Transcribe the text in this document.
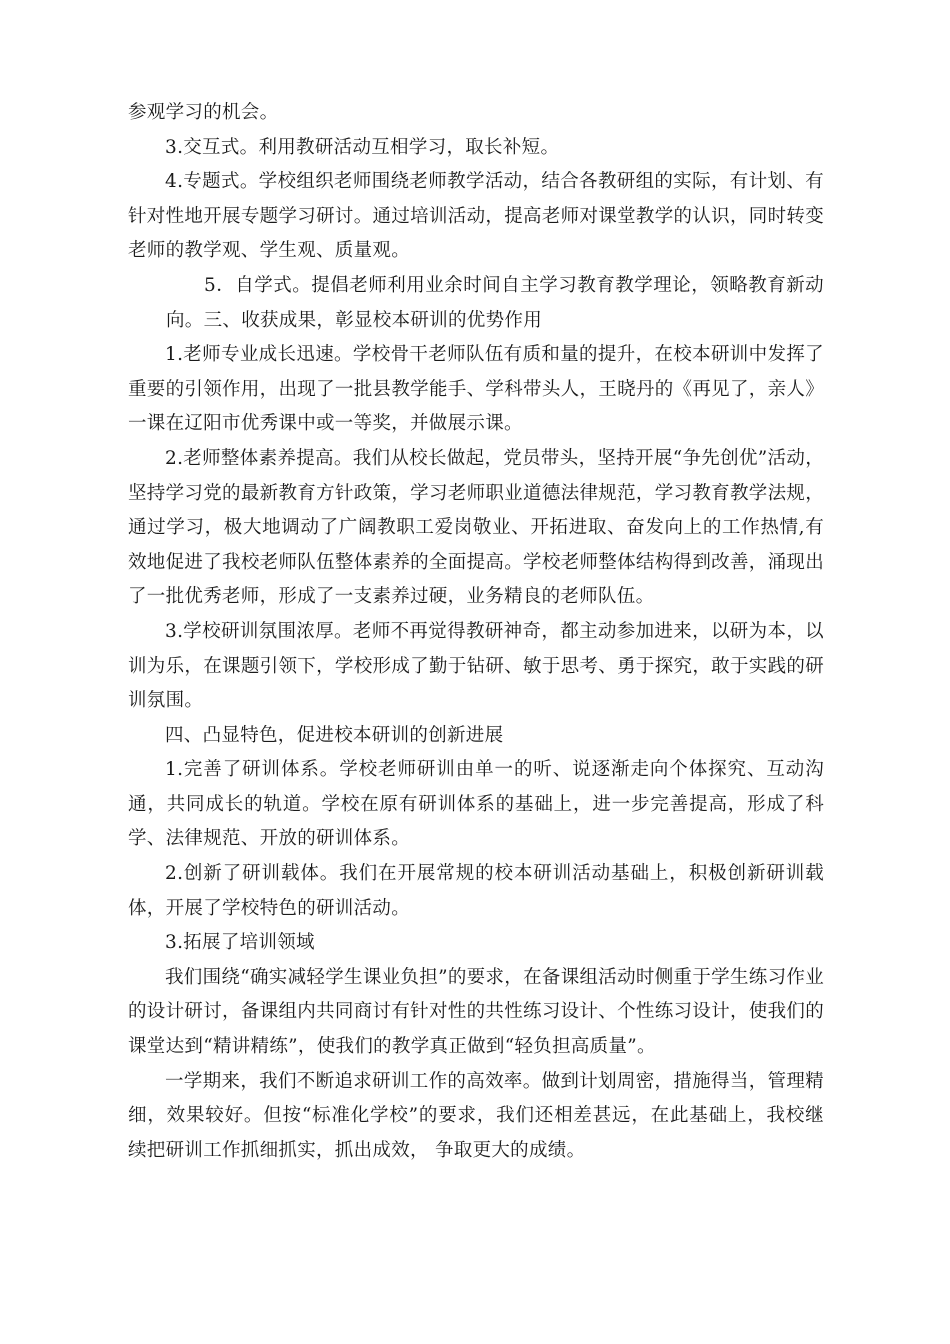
参观学习的机会。

3.交互式。利用教研活动互相学习，取长补短。

4.专题式。学校组织老师围绕老师教学活动，结合各教研组的实际，有计划、有针对性地开展专题学习研讨。通过培训活动，提高老师对课堂教学的认识，同时转变老师的教学观、学生观、质量观。

5．自学式。提倡老师利用业余时间自主学习教育教学理论，领略教育新动向。三、收获成果，彰显校本研训的优势作用

1.老师专业成长迅速。学校骨干老师队伍有质和量的提升，在校本研训中发挥了重要的引领作用，出现了一批县教学能手、学科带头人，王晓丹的《再见了，亲人》一课在辽阳市优秀课中或一等奖，并做展示课。

2.老师整体素养提高。我们从校长做起，党员带头，坚持开展“争先创优”活动，坚持学习党的最新教育方针政策，学习老师职业道德法律规范，学习教育教学法规，通过学习，极大地调动了广阔教职工爱岗敬业、开拓进取、奋发向上的工作热情,有效地促进了我校老师队伍整体素养的全面提高。学校老师整体结构得到改善，涌现出了一批优秀老师，形成了一支素养过硬，业务精良的老师队伍。

3.学校研训氛围浓厚。老师不再觉得教研神奇，都主动参加进来，以研为本，以训为乐，在课题引领下，学校形成了勤于钻研、敏于思考、勇于探究，敢于实践的研训氛围。

四、凸显特色，促进校本研训的创新进展

1.完善了研训体系。学校老师研训由单一的听、说逐渐走向个体探究、互动沟通，共同成长的轨道。学校在原有研训体系的基础上，进一步完善提高，形成了科学、法律规范、开放的研训体系。

2.创新了研训载体。我们在开展常规的校本研训活动基础上，积极创新研训载体，开展了学校特色的研训活动。

3.拓展了培训领域

我们围绕“确实减轻学生课业负担”的要求，在备课组活动时侧重于学生练习作业的设计研讨，备课组内共同商讨有针对性的共性练习设计、个性练习设计，使我们的课堂达到“精讲精练”，使我们的教学真正做到“轻负担高质量”。

一学期来，我们不断追求研训工作的高效率。做到计划周密，措施得当，管理精细，效果较好。但按“标准化学校”的要求，我们还相差甚远，在此基础上，我校继续把研训工作抓细抓实，抓出成效， 争取更大的成绩。
